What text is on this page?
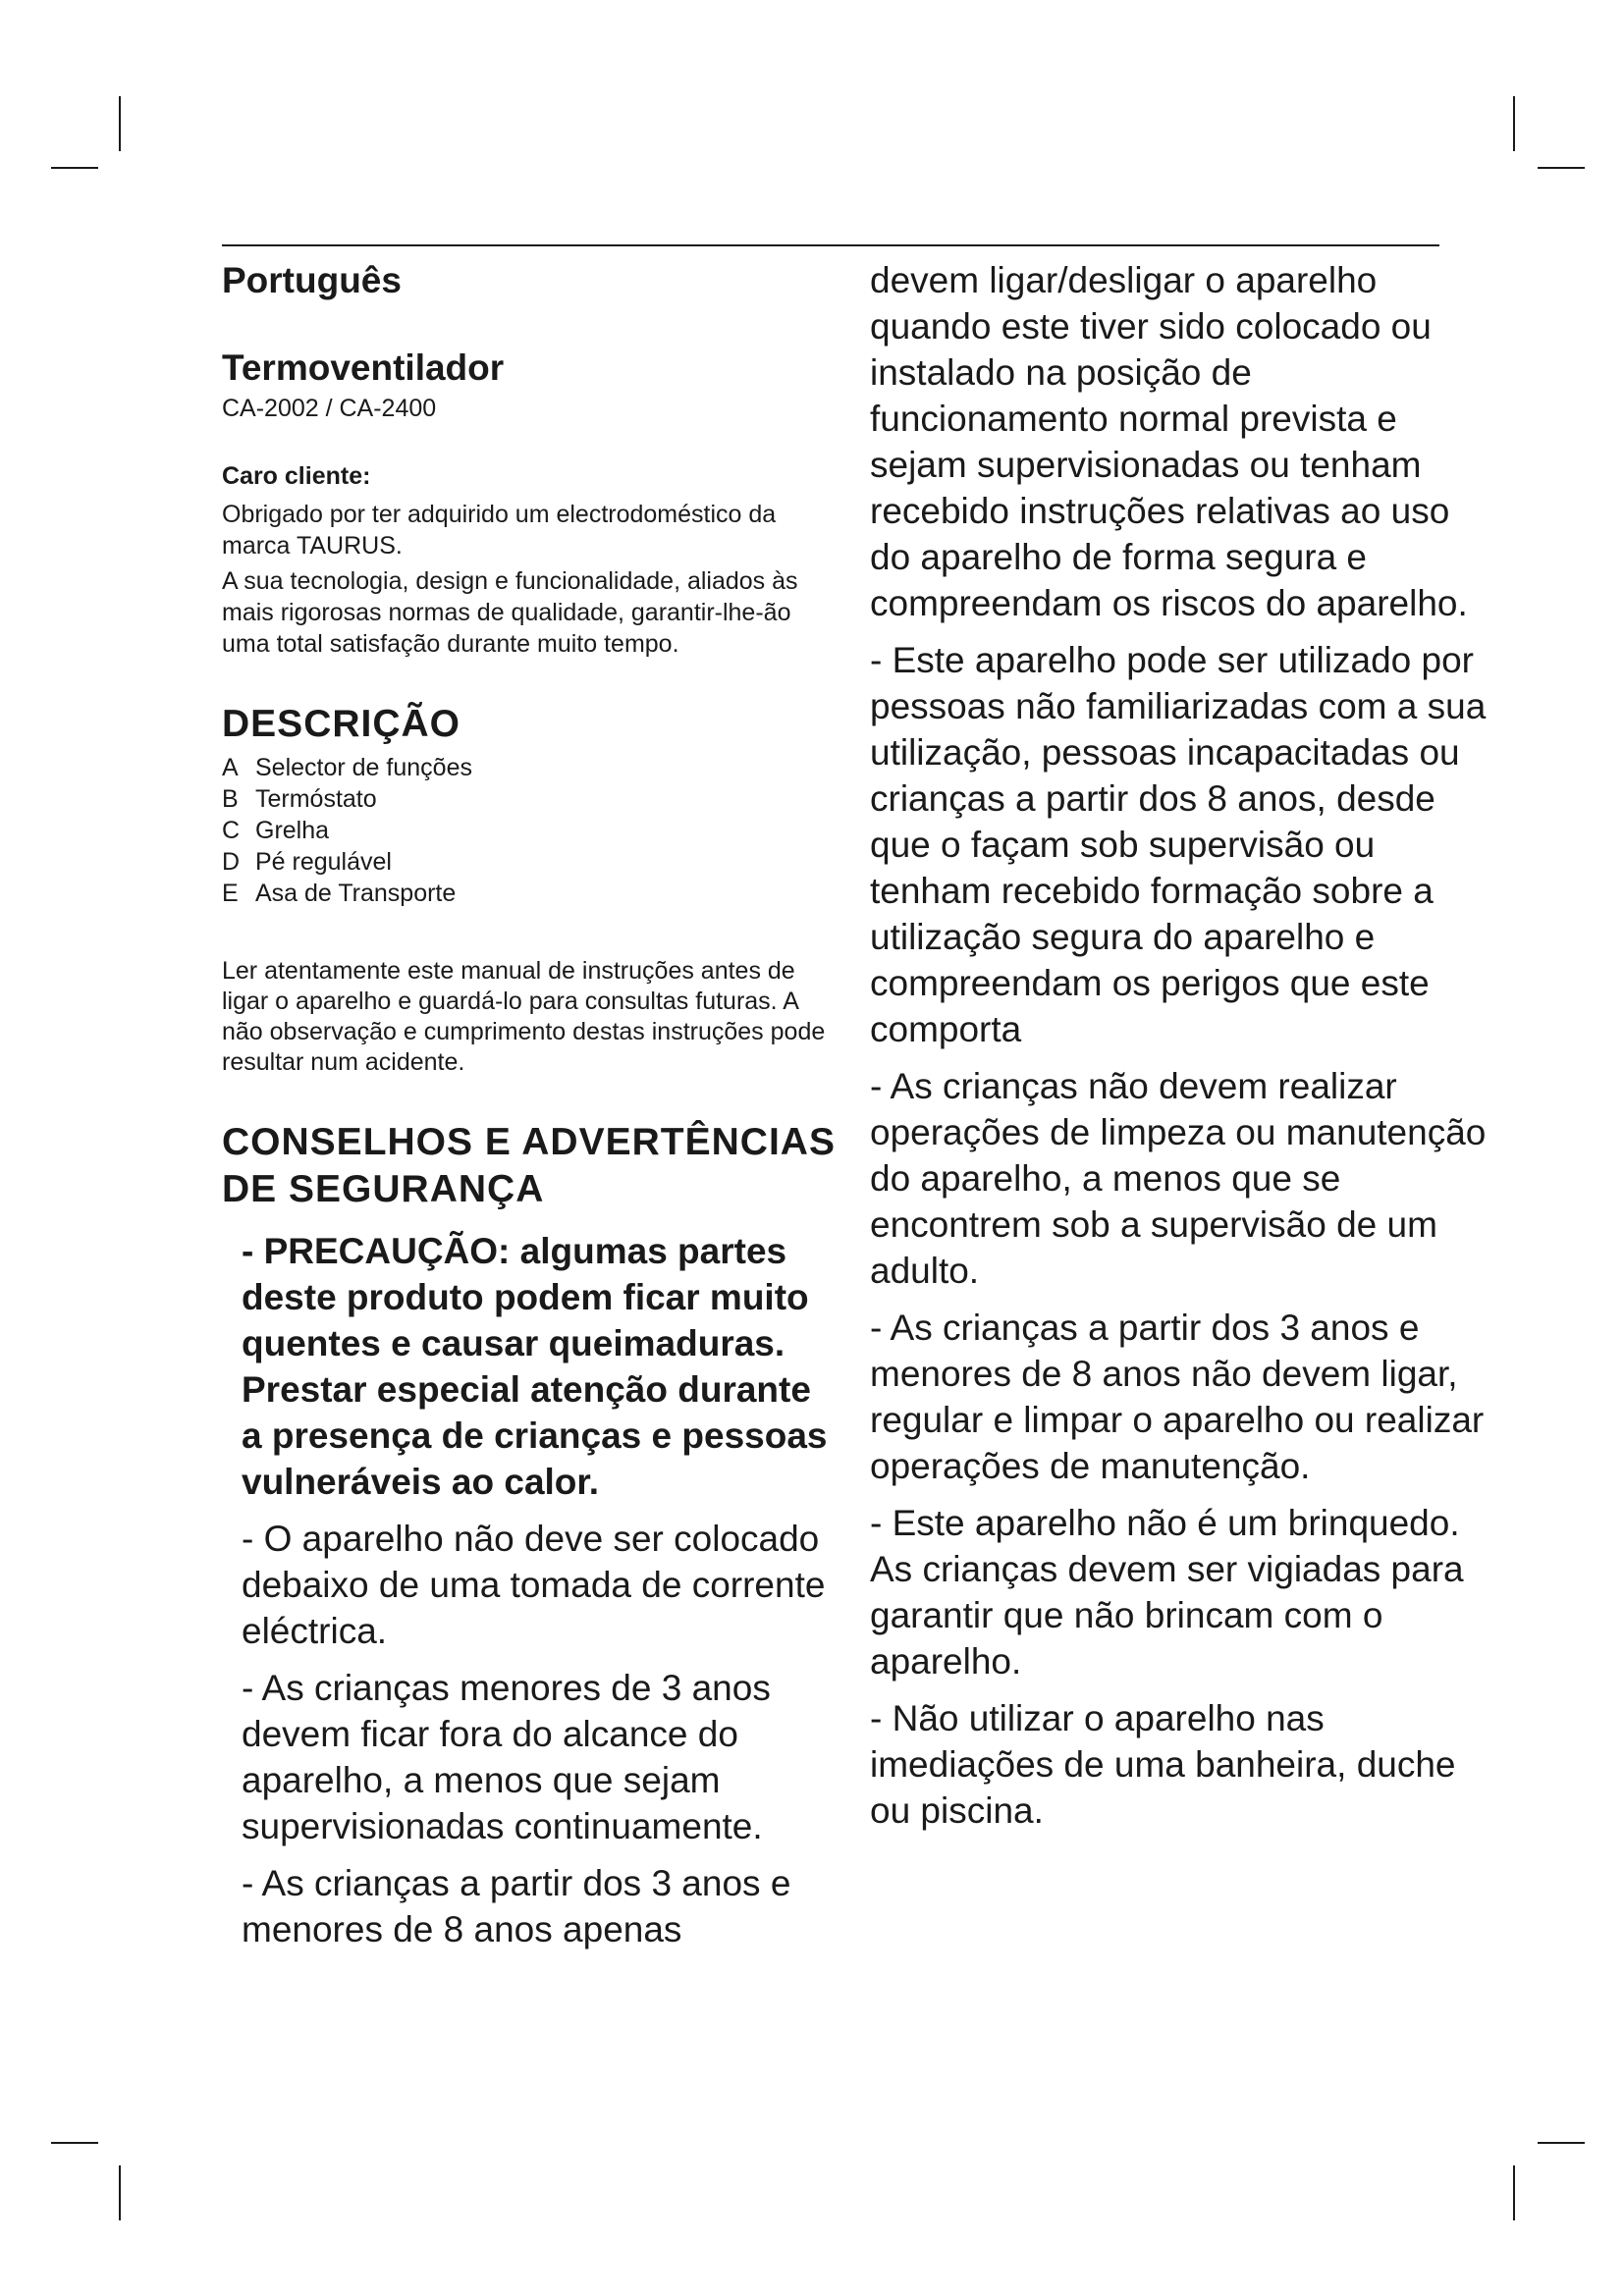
Português
Termoventilador
CA-2002 / CA-2400
Caro cliente:

Obrigado por ter adquirido um electrodoméstico da marca TAURUS.

A sua tecnologia, design e funcionalidade, aliados às mais rigorosas normas de qualidade, garantir-lhe-ão uma total satisfação durante muito tempo.

DESCRIÇÃO
A Selector de funções
B Termóstato
C Grelha
D Pé regulável
E Asa de Transporte

Ler atentamente este manual de instruções antes de ligar o aparelho e guardá-lo para consultas futuras. A não observação e cumprimento destas instruções pode resultar num acidente.

CONSELHOS E ADVERTÊNCIAS DE SEGURANÇA

- PRECAUÇÃO: algumas partes deste produto podem ficar muito quentes e causar queimaduras. Prestar especial atenção durante a presença de crianças e pessoas vulneráveis ao calor.

- O aparelho não deve ser colocado debaixo de uma tomada de corrente eléctrica.

- As crianças menores de 3 anos devem ficar fora do alcance do aparelho, a menos que sejam supervisionadas continuamente.

- As crianças a partir dos 3 anos e menores de 8 anos apenas

devem ligar/desligar o aparelho quando este tiver sido colocado ou instalado na posição de funcionamento normal prevista e sejam supervisionadas ou tenham recebido instruções relativas ao uso do aparelho de forma segura e compreendam os riscos do aparelho.

- Este aparelho pode ser utilizado por pessoas não familiarizadas com a sua utilização, pessoas incapacitadas ou crianças a partir dos 8 anos, desde que o façam sob supervisão ou tenham recebido formação sobre a utilização segura do aparelho e compreendam os perigos que este comporta

- As crianças não devem realizar operações de limpeza ou manutenção do aparelho, a menos que se encontrem sob a supervisão de um adulto.

- As crianças a partir dos 3 anos e menores de 8 anos não devem ligar, regular e limpar o aparelho ou realizar operações de manutenção.

- Este aparelho não é um brinquedo. As crianças devem ser vigiadas para garantir que não brincam com o aparelho.

- Não utilizar o aparelho nas imediações de uma banheira, duche ou piscina.
